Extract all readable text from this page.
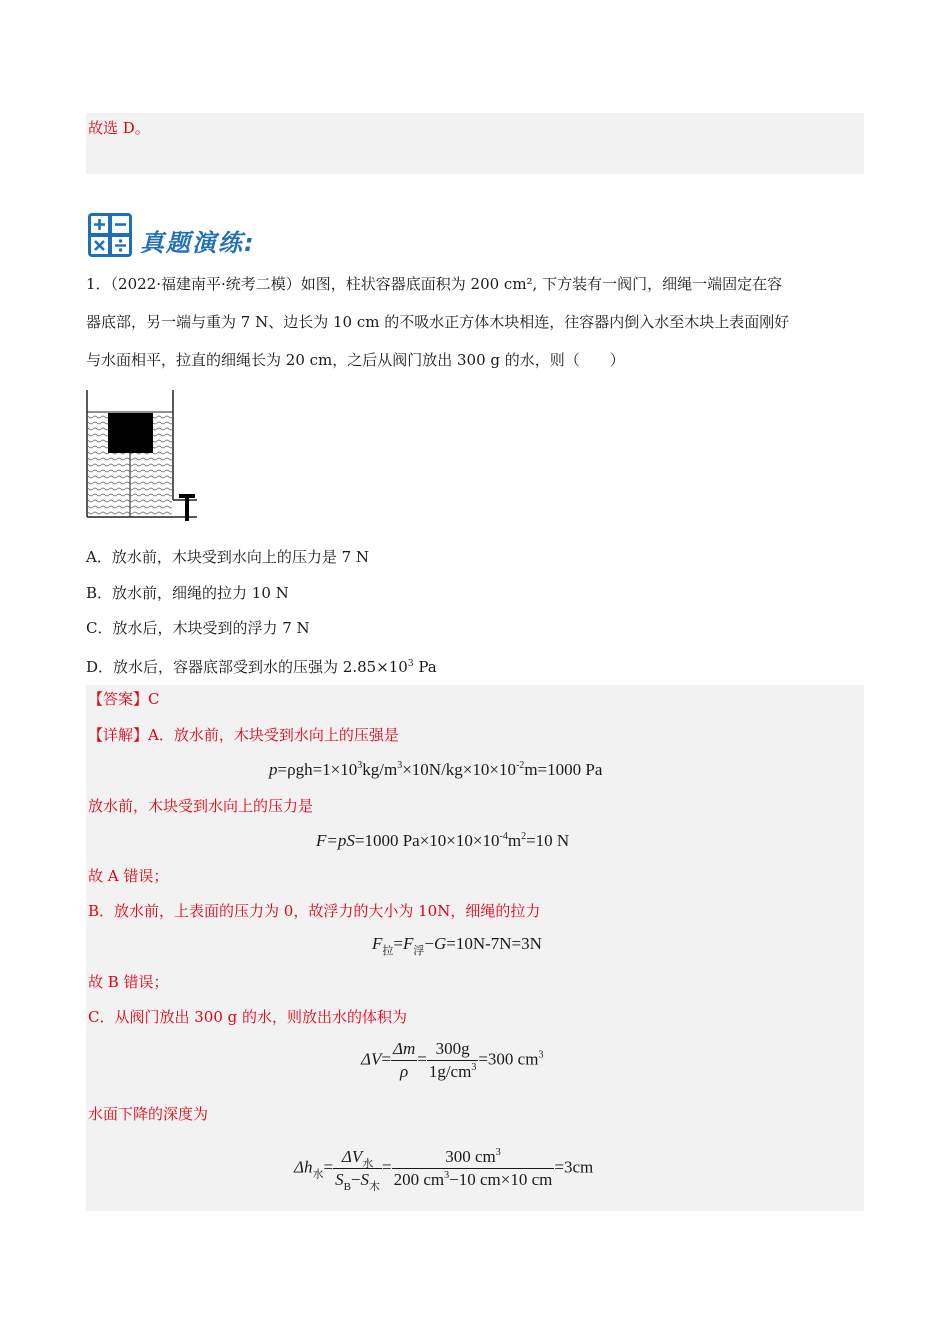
故选 D。
真题演练:
1．（2022·福建南平·统考二模）如图，柱状容器底面积为 200 cm², 下方装有一阀门，细绳一端固定在容
器底部，另一端与重为 7 N、边长为 10 cm 的不吸水正方体木块相连，往容器内倒入水至木块上表面刚好
与水面相平，拉直的细绳长为 20 cm，之后从阀门放出 300 g 的水，则（　　）
A．放水前，木块受到水向上的压力是 7 N
B．放水前，细绳的拉力 10 N
C．放水后，木块受到的浮力 7 N
D．放水后，容器底部受到水的压强为 $2.85\times 10^3$ Pa
【答案】C
【详解】A．放水前，木块受到水向上的压强是
$p=\rho gh=1\times 10^3kg/m^3\times 10N/kg\times 10\times 10^{-2}m=1000$ Pa
放水前，木块受到水向上的压力是
F=pS=1000 $Pa\times 10\times 10\times 10^{-4}m^2=10$ N
故 A 错误；
B．放水前，上表面的压力为 0，故浮力的大小为 10N，细绳的拉力
$F_拉=F_浮-G=10N-7N=3N$
故 B 错误；
C．从阀门放出 300 g 的水，则放出水的体积为
$\Delta V= \frac{\Delta m}{\rho} = \frac{300g}{1g/cm^3} =300$ $cm^3$
水面下降的深度为
$\Delta h_水= \frac{\Delta V_水}{S_B-S_木} = \frac{300 cm^3}{200 cm^3-10 cm\times 10 cm} =3cm$
